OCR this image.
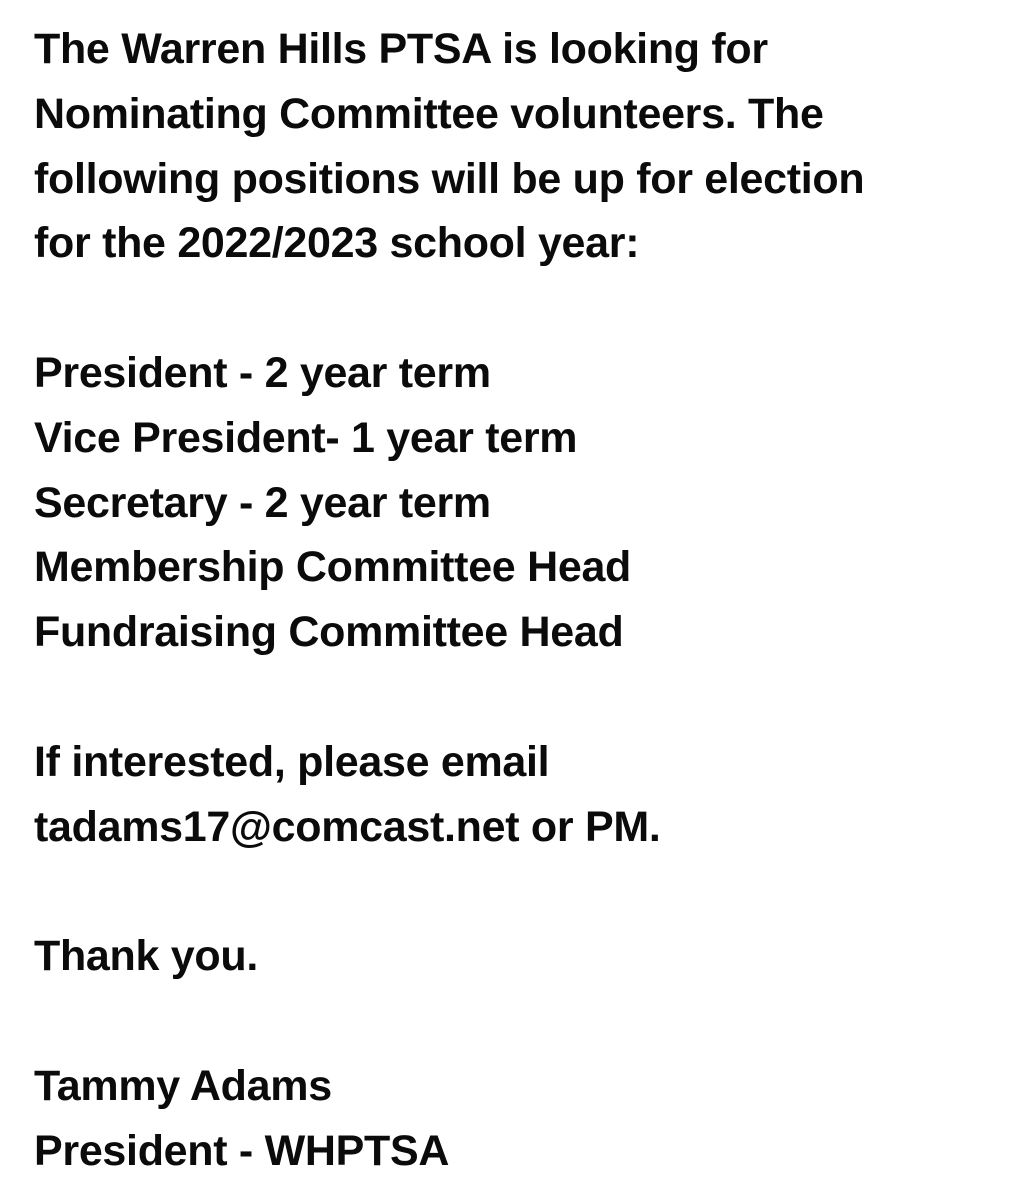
The Warren Hills PTSA is looking for
Nominating Committee volunteers. The
following positions will be up for election
for the 2022/2023 school year:
President - 2 year term
Vice President- 1 year term
Secretary - 2 year term
Membership Committee Head
Fundraising Committee Head
If interested, please email
tadams17@comcast.net or PM.
Thank you.
Tammy Adams
President - WHPTSA
